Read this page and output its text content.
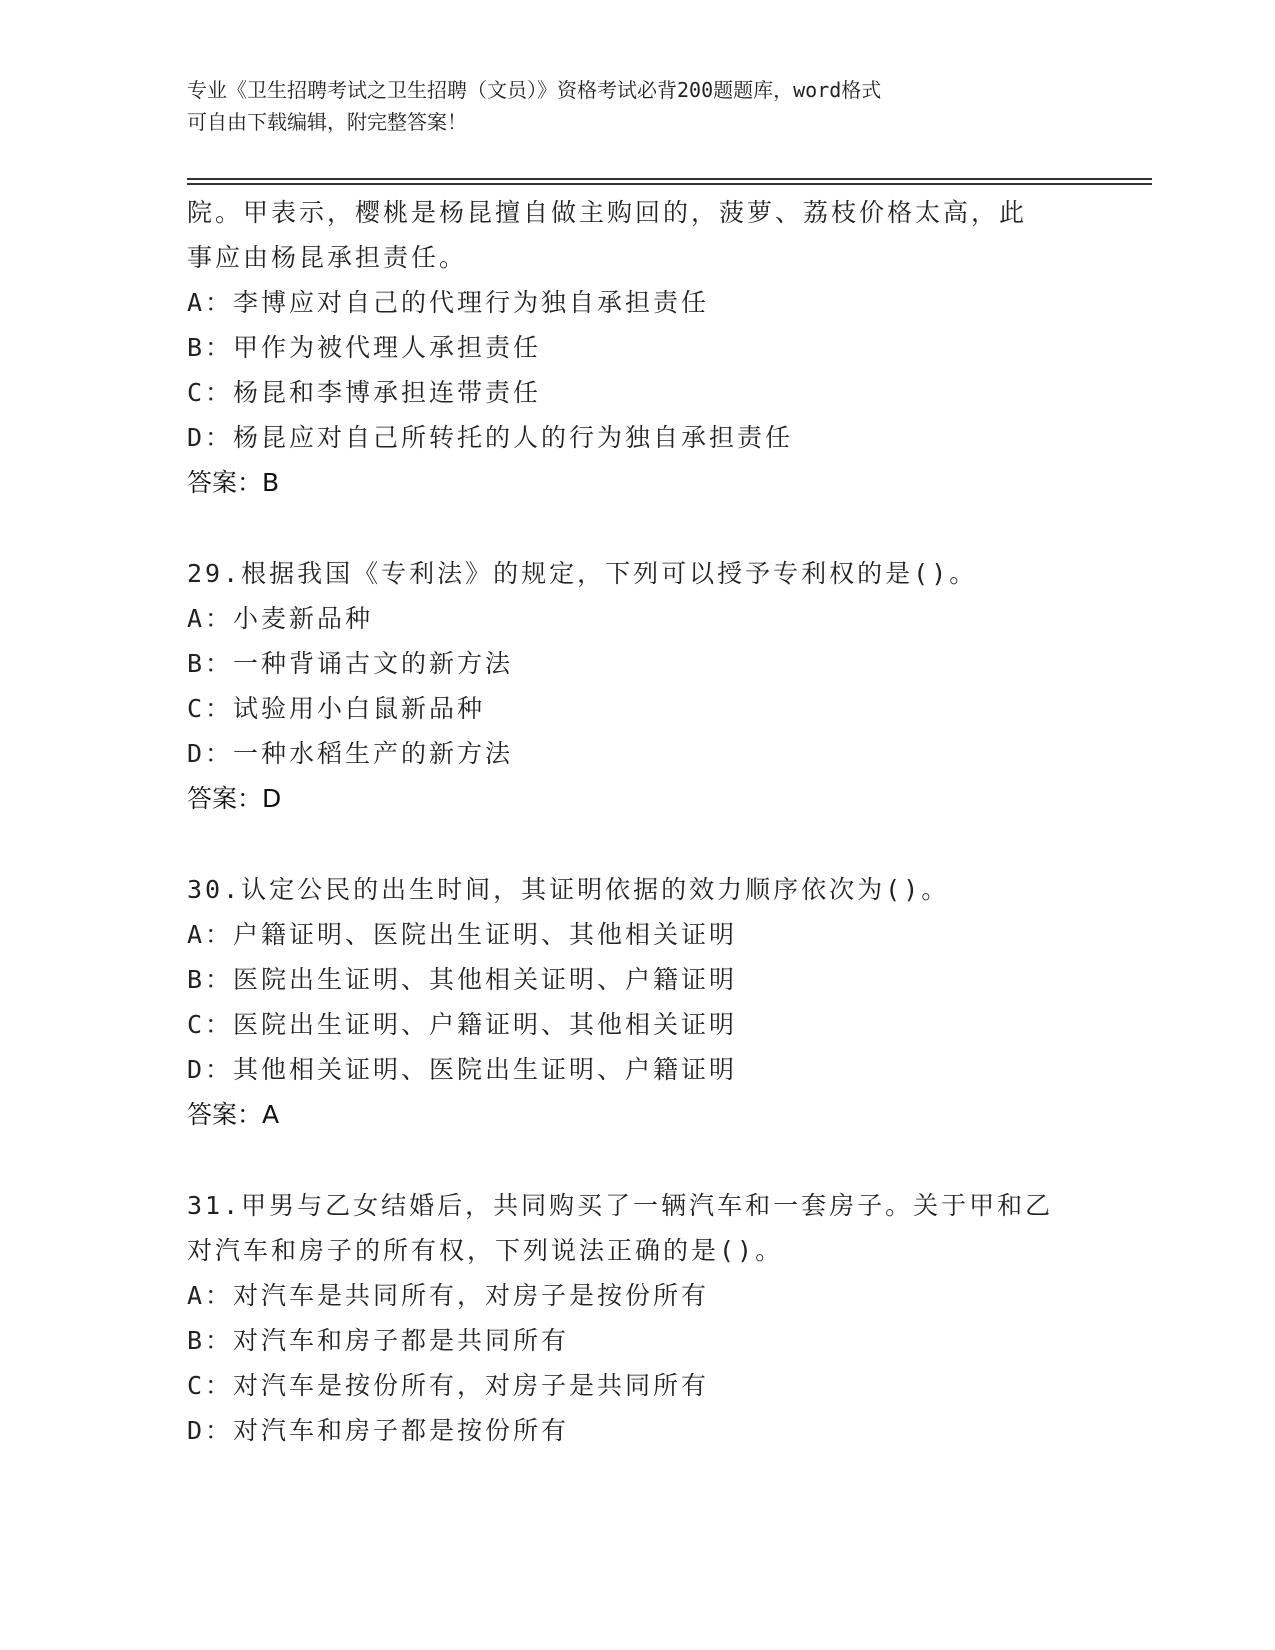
专业《卫生招聘考试之卫生招聘（文员）》资格考试必背200题题库，word格式
可自由下载编辑，附完整答案！
院。甲表示，樱桃是杨昆擅自做主购回的，菠萝、荔枝价格太高，此
事应由杨昆承担责任。
A：李博应对自己的代理行为独自承担责任
B：甲作为被代理人承担责任
C：杨昆和李博承担连带责任
D：杨昆应对自己所转托的人的行为独自承担责任
答案：B
29.根据我国《专利法》的规定，下列可以授予专利权的是()。
A：小麦新品种
B：一种背诵古文的新方法
C：试验用小白鼠新品种
D：一种水稻生产的新方法
答案：D
30.认定公民的出生时间，其证明依据的效力顺序依次为()。
A：户籍证明、医院出生证明、其他相关证明
B：医院出生证明、其他相关证明、户籍证明
C：医院出生证明、户籍证明、其他相关证明
D：其他相关证明、医院出生证明、户籍证明
答案：A
31.甲男与乙女结婚后，共同购买了一辆汽车和一套房子。关于甲和乙
对汽车和房子的所有权，下列说法正确的是()。
A：对汽车是共同所有，对房子是按份所有
B：对汽车和房子都是共同所有
C：对汽车是按份所有，对房子是共同所有
D：对汽车和房子都是按份所有
